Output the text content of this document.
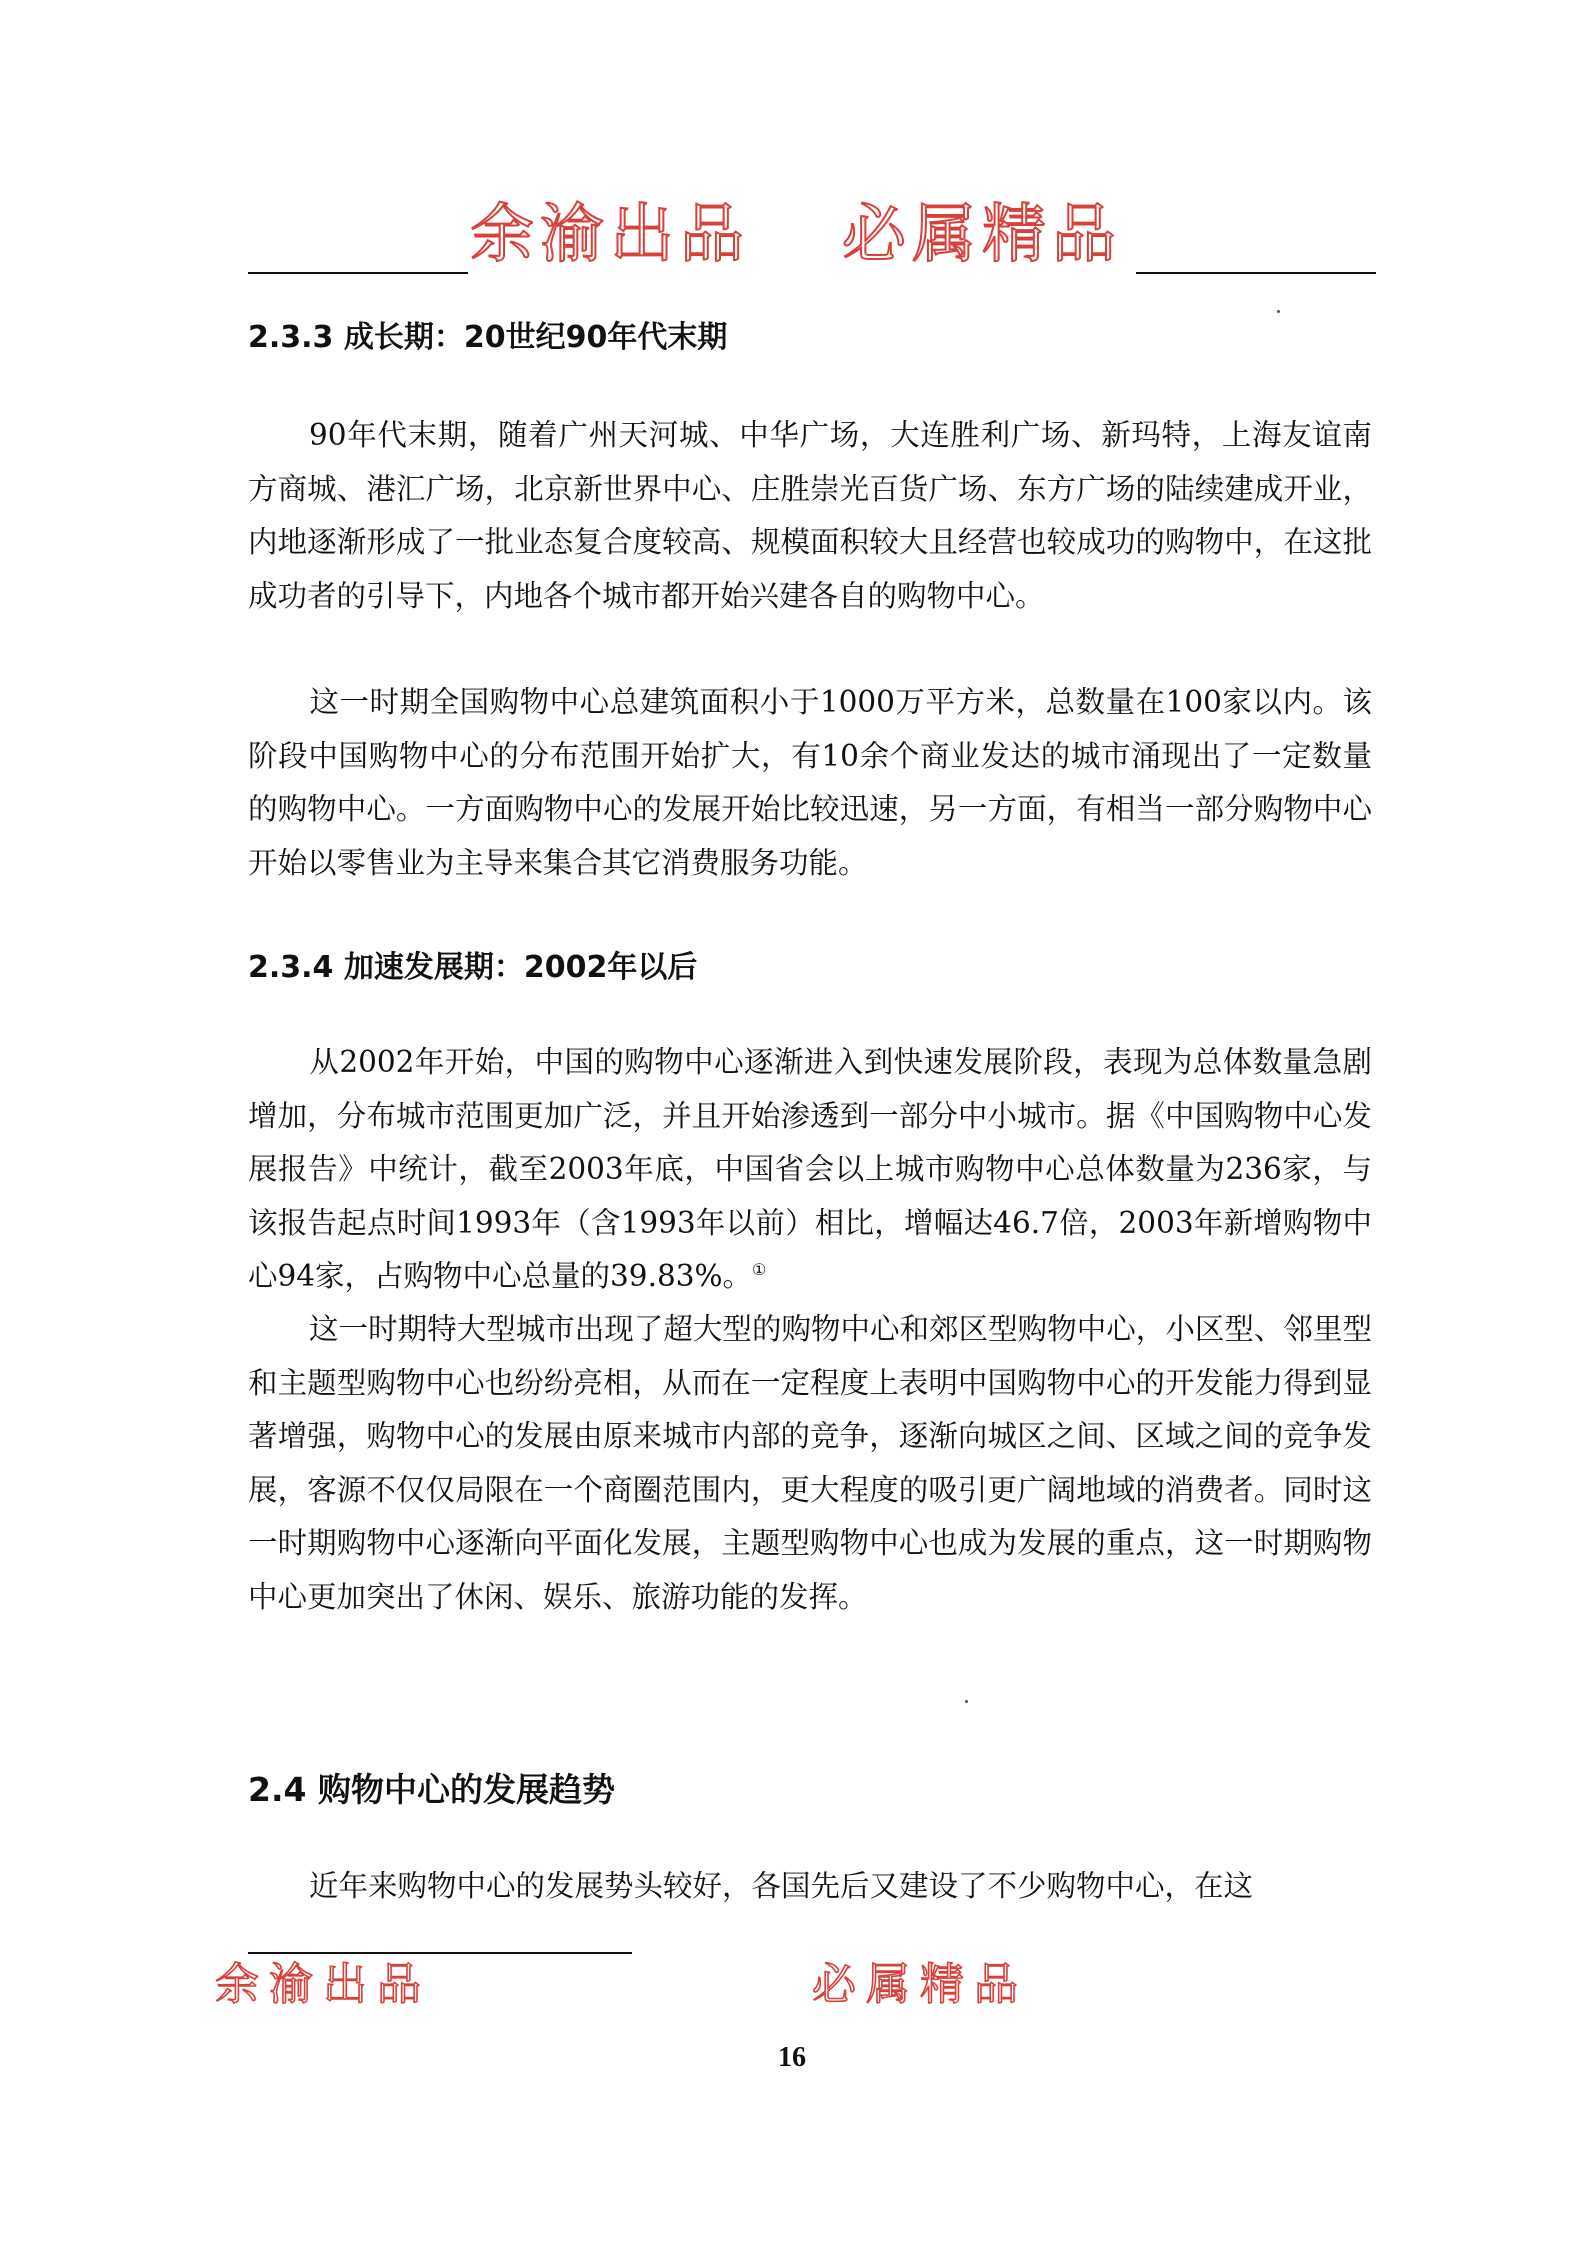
余渝出品 必属精品
2.3.3 成长期：20世纪90年代末期

90年代末期，随着广州天河城、中华广场，大连胜利广场、新玛特，上海友谊南方商城、港汇广场，北京新世界中心、庄胜崇光百货广场、东方广场的陆续建成开业，内地逐渐形成了一批业态复合度较高、规模面积较大且经营也较成功的购物中，在这批成功者的引导下，内地各个城市都开始兴建各自的购物中心。

这一时期全国购物中心总建筑面积小于1000万平方米，总数量在100家以内。该阶段中国购物中心的分布范围开始扩大，有10余个商业发达的城市涌现出了一定数量的购物中心。一方面购物中心的发展开始比较迅速，另一方面，有相当一部分购物中心开始以零售业为主导来集合其它消费服务功能。

2.3.4 加速发展期：2002年以后

从2002年开始，中国的购物中心逐渐进入到快速发展阶段，表现为总体数量急剧增加，分布城市范围更加广泛，并且开始渗透到一部分中小城市。据《中国购物中心发展报告》中统计，截至2003年底，中国省会以上城市购物中心总体数量为236家，与该报告起点时间1993年（含1993年以前）相比，增幅达46.7倍，2003年新增购物中心94家，占购物中心总量的39.83%。①

这一时期特大型城市出现了超大型的购物中心和郊区型购物中心，小区型、邻里型和主题型购物中心也纷纷亮相，从而在一定程度上表明中国购物中心的开发能力得到显著增强，购物中心的发展由原来城市内部的竞争，逐渐向城区之间、区域之间的竞争发展，客源不仅仅局限在一个商圈范围内，更大程度的吸引更广阔地域的消费者。同时这一时期购物中心逐渐向平面化发展，主题型购物中心也成为发展的重点，这一时期购物中心更加突出了休闲、娱乐、旅游功能的发挥。

2.4 购物中心的发展趋势

近年来购物中心的发展势头较好，各国先后又建设了不少购物中心，在这

余渝出品	必属精品
16
